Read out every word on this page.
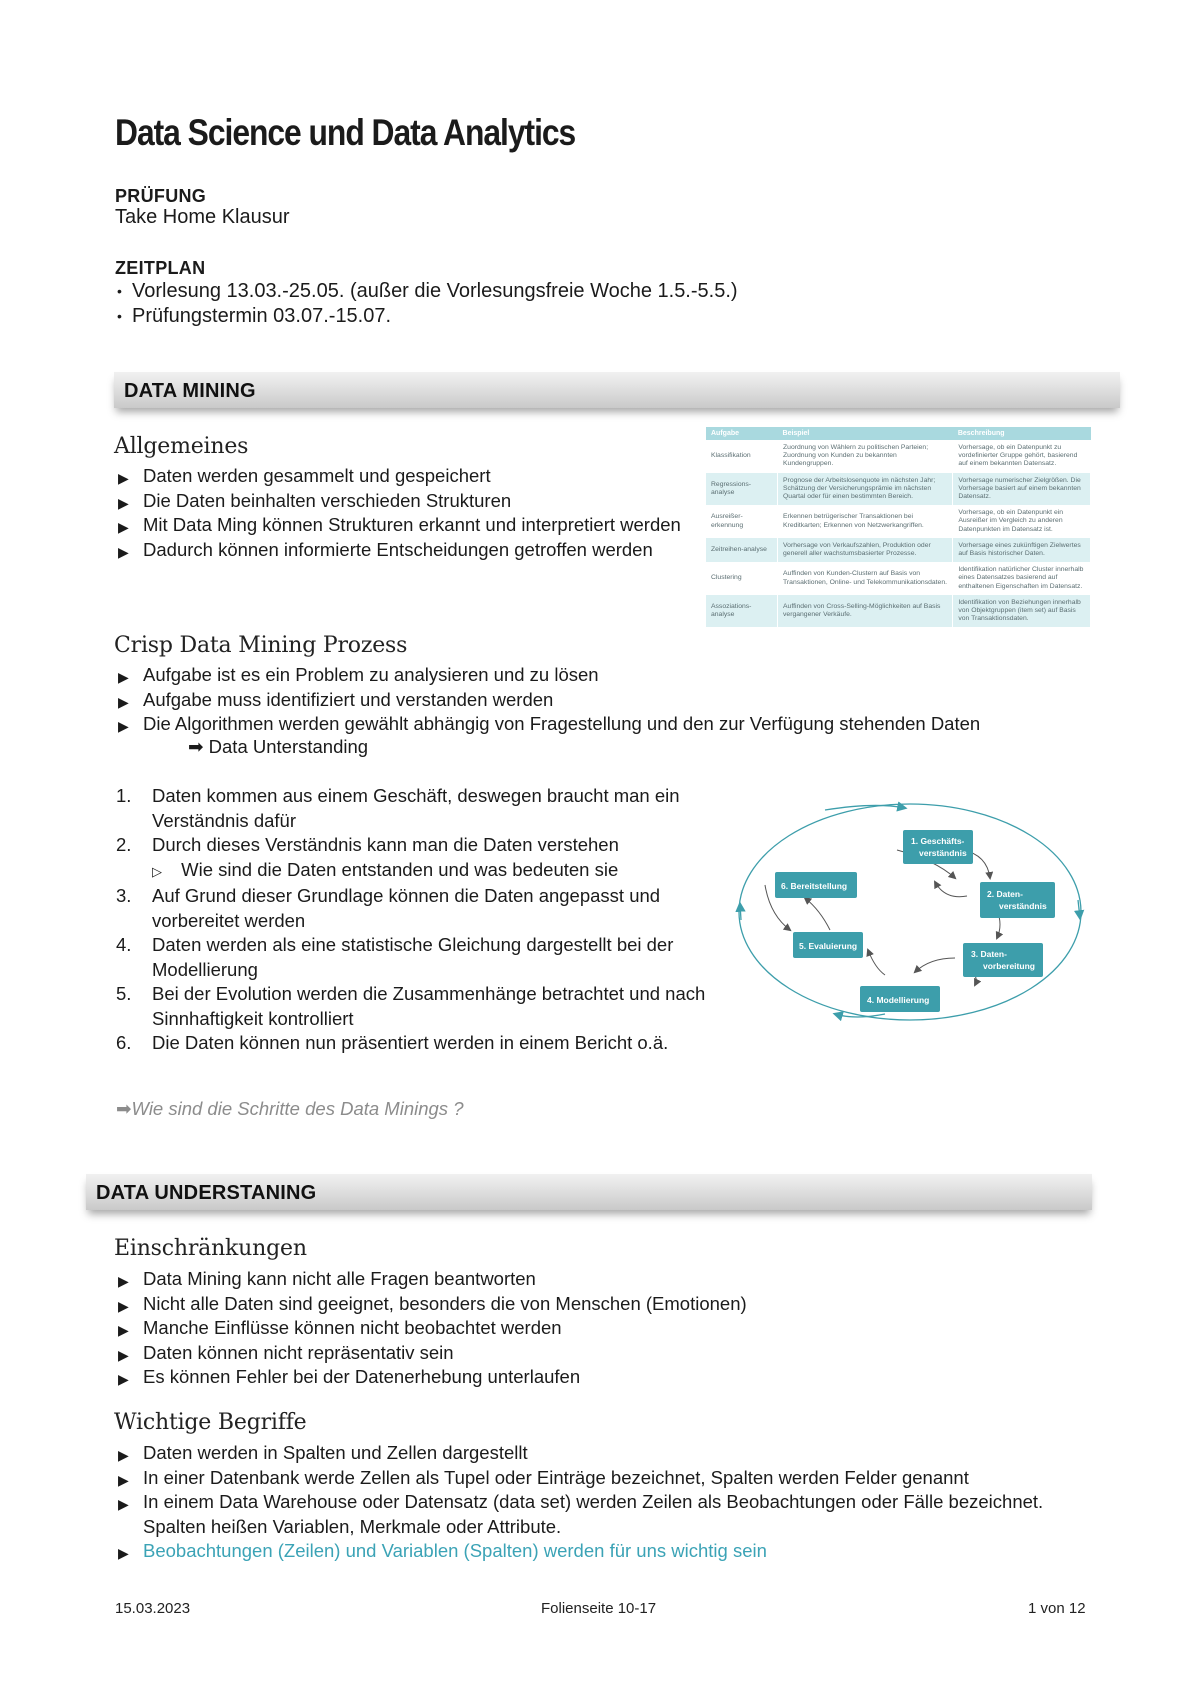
Data Science und Data Analytics
PRÜFUNG
Take Home Klausur
ZEITPLAN
• Vorlesung 13.03.-25.05. (außer die Vorlesungsfreie Woche 1.5.-5.5.)
• Prüfungstermin 03.07.-15.07.
DATA MINING
Allgemeines
▶ Daten werden gesammelt und gespeichert
▶ Die Daten beinhalten verschieden Strukturen
▶ Mit Data Ming können Strukturen erkannt und interpretiert werden
▶ Dadurch können informierte Entscheidungen getroffen werden
Crisp Data Mining Prozess
▶ Aufgabe ist es ein Problem zu analysieren und zu lösen
▶ Aufgabe muss identifiziert und verstanden werden
▶ Die Algorithmen werden gewählt abhängig von Fragestellung und den zur Verfügung stehenden Daten
➡ Data Unterstanding
Aufgabe	Beispiel	Beschreibung
Klassifikation	Zuordnung von Wählern zu politischen Parteien; Zuordnung von Kunden zu bekannten Kundengruppen.	Vorhersage, ob ein Datenpunkt zu vordefinierter Gruppe gehört, basierend auf einem bekannten Datensatz.
Regressions-analyse	Prognose der Arbeitslosenquote im nächsten Jahr; Schätzung der Versicherungsprämie im nächsten Quartal oder für einen bestimmten Bereich.	Vorhersage numerischer Zielgrößen. Die Vorhersage basiert auf einem bekannten Datensatz.
Ausreißer-erkennung	Erkennen betrügerischer Transaktionen bei Kreditkarten; Erkennen von Netzwerkangriffen.	Vorhersage, ob ein Datenpunkt ein Ausreißer im Vergleich zu anderen Datenpunkten im Datensatz ist.
Zeitreihen-analyse	Vorhersage von Verkaufszahlen, Produktion oder generell aller wachstumsbasierter Prozesse.	Vorhersage eines zukünftigen Zielwertes auf Basis historischer Daten.
Clustering	Auffinden von Kunden-Clustern auf Basis von Transaktionen, Online- und Telekommunikationsdaten.	Identifikation natürlicher Cluster innerhalb eines Datensatzes basierend auf enthaltenen Eigenschaften im Datensatz.
Assoziations-analyse	Auffinden von Cross-Selling-Möglichkeiten auf Basis vergangener Verkäufe.	Identifikation von Beziehungen innerhalb von Objektgruppen (item set) auf Basis von Transaktionsdaten.
1. Daten kommen aus einem Geschäft, deswegen braucht man ein Verständnis dafür
2. Durch dieses Verständnis kann man die Daten verstehen
▷ Wie sind die Daten entstanden und was bedeuten sie
3. Auf Grund dieser Grundlage können die Daten angepasst und vorbereitet werden
4. Daten werden als eine statistische Gleichung dargestellt bei der Modellierung
5. Bei der Evolution werden die Zusammenhänge betrachtet und nach Sinnhaftigkeit kontrolliert
6. Die Daten können nun präsentiert werden in einem Bericht o.ä.
➡Wie sind die Schritte des Data Minings ?
1. Geschäfts-
verständnis
2. Daten-
verständnis
3. Daten-
vorbereitung
4. Modellierung
5. Evaluierung
6. Bereitstellung
DATA UNDERSTANING
Einschränkungen
▶ Data Mining kann nicht alle Fragen beantworten
▶ Nicht alle Daten sind geeignet, besonders die von Menschen (Emotionen)
▶ Manche Einflüsse können nicht beobachtet werden
▶ Daten können nicht repräsentativ sein
▶ Es können Fehler bei der Datenerhebung unterlaufen
Wichtige Begriffe
▶ Daten werden in Spalten und Zellen dargestellt
▶ In einer Datenbank werde Zellen als Tupel oder Einträge bezeichnet, Spalten werden Felder genannt
▶ In einem Data Warehouse oder Datensatz (data set) werden Zeilen als Beobachtungen oder Fälle bezeichnet. Spalten heißen Variablen, Merkmale oder Attribute.
▶ Beobachtungen (Zeilen) und Variablen (Spalten) werden für uns wichtig sein
15.03.2023	Folienseite 10-17	1 von 12
